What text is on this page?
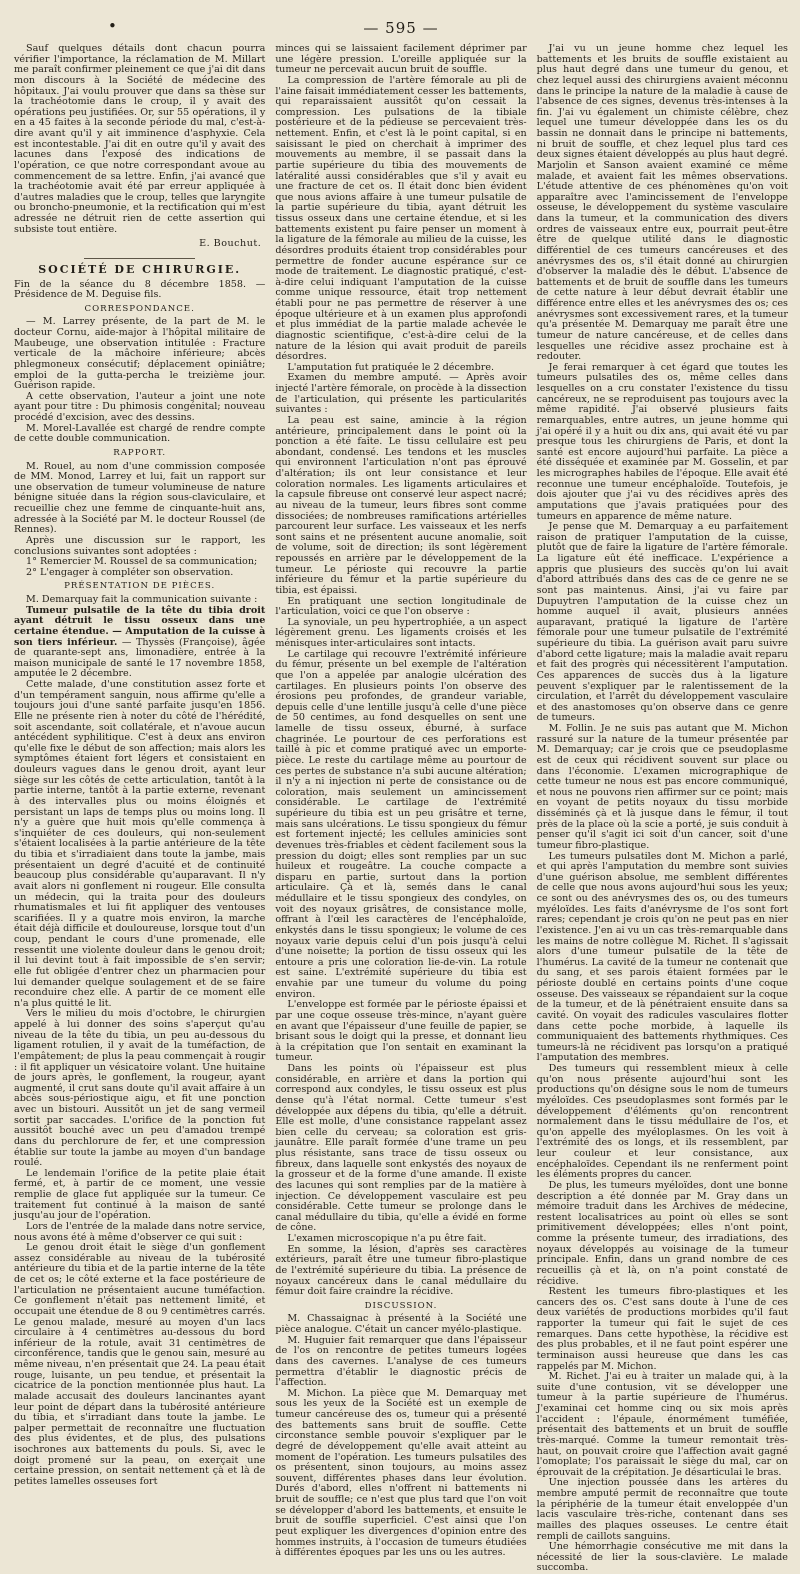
•	— 595 —

Sauf quelques détails dont chacun pourra vérifier l'importance, la réclamation de M. Millart me paraît confirmer pleinement ce que j'ai dit dans mon discours à la Société de médecine des hôpitaux. J'ai voulu prouver que dans sa thèse sur la trachéotomie dans le croup, il y avait des opérations peu justifiées. Or, sur 55 opérations, il y en a 45 faites à la seconde période du mal, c'est-à-dire avant qu'il y ait imminence d'asphyxie. Cela est incontestable. J'ai dit en outre qu'il y avait des lacunes dans l'exposé des indications de l'opération, ce que notre correspondant avoue au commencement de sa lettre. Enfin, j'ai avancé que la trachéotomie avait été par erreur appliquée à d'autres maladies que le croup, telles que laryngite ou broncho-pneumonie, et la rectification qui m'est adressée ne détruit rien de cette assertion qui subsiste tout entière.

E. Bouchut.
SOCIÉTÉ DE CHIRURGIE.

Fin de la séance du 8 décembre 1858. — Présidence de M. Deguise fils.

CORRESPONDANCE.

— M. Larrey présente, de la part de M. le docteur Cornu, aide-major à l'hôpital militaire de Maubeuge, une observation intitulée : Fracture verticale de la mâchoire inférieure; abcès phlegmoneux consécutif; déplacement opiniâtre; emploi de la gutta-percha le treizième jour. Guérison rapide.

A cette observation, l'auteur a joint une note ayant pour titre : Du phimosis congénital; nouveau procédé d'excision, avec des dessins.

M. Morel-Lavallée est chargé de rendre compte de cette double communication.

RAPPORT.

M. Rouel, au nom d'une commission composée de MM. Monod, Larrey et lui, fait un rapport sur une observation de tumeur volumineuse de nature bénigne située dans la région sous-claviculaire, et recueillie chez une femme de cinquante-huit ans, adressée à la Société par M. le docteur Roussel (de Rennes).

Après une discussion sur le rapport, les conclusions suivantes sont adoptées :

1° Remercier M. Roussel de sa communication;

2° L'engager à compléter son observation.

PRÉSENTATION DE PIÈCES.

M. Demarquay fait la communication suivante :

Tumeur pulsatile de la tête du tibia droit ayant détruit le tissu osseux dans une certaine étendue. — Amputation de la cuisse à son tiers inférieur. — Thyssès (Françoise), âgée de quarante-sept ans, limonadière, entrée à la maison municipale de santé le 17 novembre 1858, amputée le 2 décembre.

Cette malade, d'une constitution assez forte et d'un tempérament sanguin, nous affirme qu'elle a toujours joui d'une santé parfaite jusqu'en 1856. Elle ne présente rien à noter du côté de l'hérédité, soit ascendante, soit collatérale, et n'avoue aucun antécédent syphilitique. C'est à deux ans environ qu'elle fixe le début de son affection; mais alors les symptômes étaient fort légers et consistaient en douleurs vagues dans le genou droit, ayant leur siège sur les côtés de cette articulation, tantôt à la partie interne, tantôt à la partie externe, revenant à des intervalles plus ou moins éloignés et persistant un laps de temps plus ou moins long. Il n'y a guère que huit mois qu'elle commença à s'inquiéter de ces douleurs, qui non-seulement s'étaient localisées à la partie antérieure de la tête du tibia et s'irradiaient dans toute la jambe, mais présentaient un degré d'acuité et de continuité beaucoup plus considérable qu'auparavant. Il n'y avait alors ni gonflement ni rougeur. Elle consulta un médecin, qui la traita pour des douleurs rhumatismales et lui fit appliquer des ventouses scarifiées. Il y a quatre mois environ, la marche était déjà difficile et douloureuse, lorsque tout d'un coup, pendant le cours d'une promenade, elle ressentit une violente douleur dans le genou droit; il lui devint tout à fait impossible de s'en servir; elle fut obligée d'entrer chez un pharmacien pour lui demander quelque soulagement et de se faire reconduire chez elle. A partir de ce moment elle n'a plus quitté le lit.

Vers le milieu du mois d'octobre, le chirurgien appelé à lui donner des soins s'aperçut qu'au niveau de la tête du tibia, un peu au-dessous du ligament rotulien, il y avait de la tuméfaction, de l'empâtement; de plus la peau commençait à rougir : il fit appliquer un vésicatoire volant. Une huitaine de jours après, le gonflement, la rougeur, ayant augmenté, il crut sans doute qu'il avait affaire à un abcès sous-périostique aigu, et fit une ponction avec un bistouri. Aussitôt un jet de sang vermeil sortit par saccades. L'orifice de la ponction fut aussitôt bouché avec un peu d'amadou trempé dans du perchlorure de fer, et une compression établie sur toute la jambe au moyen d'un bandage roulé.

Le lendemain l'orifice de la petite plaie était fermé, et, à partir de ce moment, une vessie remplie de glace fut appliquée sur la tumeur. Ce traitement fut continué à la maison de santé jusqu'au jour de l'opération.

Lors de l'entrée de la malade dans notre service, nous avons été à même d'observer ce qui suit :

Le genou droit était le siège d'un gonflement assez considérable au niveau de la tubérosité antérieure du tibia et de la partie interne de la tête de cet os; le côté externe et la face postérieure de l'articulation ne présentaient aucune tuméfaction. Ce gonflement n'était pas nettement limité, et occupait une étendue de 8 ou 9 centimètres carrés. Le genou malade, mesuré au moyen d'un lacs circulaire à 4 centimètres au-dessous du bord inférieur de la rotule, avait 31 centimètres de circonférence, tandis que le genou sain, mesuré au même niveau, n'en présentait que 24. La peau était rouge, luisante, un peu tendue, et présentait la cicatrice de la ponction mentionnée plus haut. La malade accusait des douleurs lancinantes ayant leur point de départ dans la tubérosité antérieure du tibia, et s'irradiant dans toute la jambe. Le palper permettait de reconnaître une fluctuation des plus évidentes, et de plus, des pulsations isochrones aux battements du pouls. Si, avec le doigt promené sur la peau, on exerçait une certaine pression, on sentait nettement çà et là de petites lamelles osseuses fort

minces qui se laissaient facilement déprimer par une légère pression. L'oreille appliquée sur la tumeur ne percevait aucun bruit de souffle.

La compression de l'artère fémorale au pli de l'aine faisait immédiatement cesser les battements, qui reparaissaient aussitôt qu'on cessait la compression. Les pulsations de la tibiale postérieure et de la pédieuse se percevaient très-nettement. Enfin, et c'est là le point capital, si en saisissant le pied on cherchait à imprimer des mouvements au membre, il se passait dans la partie supérieure du tibia des mouvements de latéralité aussi considérables que s'il y avait eu une fracture de cet os. Il était donc bien évident que nous avions affaire à une tumeur pulsatile de la partie supérieure du tibia, ayant détruit les tissus osseux dans une certaine étendue, et si les battements existent pu faire penser un moment à la ligature de la fémorale au milieu de la cuisse, les désordres produits étaient trop considérables pour permettre de fonder aucune espérance sur ce mode de traitement. Le diagnostic pratiqué, c'est-à-dire celui indiquant l'amputation de la cuisse comme unique ressource, était trop nettement établi pour ne pas permettre de réserver à une époque ultérieure et à un examen plus approfondi et plus immédiat de la partie malade achevée le diagnostic scientifique, c'est-à-dire celui de la nature de la lésion qui avait produit de pareils désordres.

L'amputation fut pratiquée le 2 décembre.

Examen du membre amputé. — Après avoir injecté l'artère fémorale, on procède à la dissection de l'articulation, qui présente les particularités suivantes :

La peau est saine, amincie à la région antérieure, principalement dans le point où la ponction a été faite. Le tissu cellulaire est peu abondant, condensé. Les tendons et les muscles qui environnent l'articulation n'ont pas éprouvé d'altération; ils ont leur consistance et leur coloration normales. Les ligaments articulaires et la capsule fibreuse ont conservé leur aspect nacré; au niveau de la tumeur, leurs fibres sont comme dissociées; de nombreuses ramifications artérielles parcourent leur surface. Les vaisseaux et les nerfs sont sains et ne présentent aucune anomalie, soit de volume, soit de direction; ils sont légèrement repoussés en arrière par le développement de la tumeur. Le périoste qui recouvre la partie inférieure du fémur et la partie supérieure du tibia, est épaissi.

En pratiquant une section longitudinale de l'articulation, voici ce que l'on observe :

La synoviale, un peu hypertrophiée, a un aspect légèrement grenu. Les ligaments croisés et les ménisques inter-articulaires sont intacts.

Le cartilage qui recouvre l'extrémité inférieure du fémur, présente un bel exemple de l'altération que l'on a appelée par analogie ulcération des cartilages. En plusieurs points l'on observe des érosions peu profondes, de grandeur variable, depuis celle d'une lentille jusqu'à celle d'une pièce de 50 centimes, au fond desquelles on sent une lamelle de tissu osseux, éburné, à surface chagrinée. Le pourtour de ces perforations est taillé à pic et comme pratiqué avec un emporte-pièce. Le reste du cartilage même au pourtour de ces pertes de substance n'a subi aucune altération; il n'y a ni injection ni perte de consistance ou de coloration, mais seulement un amincissement considérable. Le cartilage de l'extrémité supérieure du tibia est un peu grisâtre et terne, mais sans ulcérations. Le tissu spongieux du fémur est fortement injecté; les cellules aminicies sont devenues très-friables et cèdent facilement sous la pression du doigt; elles sont remplies par un suc huileux et rougeâtre. La couche compacte a disparu en partie, surtout dans la portion articulaire. Çà et là, semés dans le canal médullaire et le tissu spongieux des condyles, on voit des noyaux grisâtres, de consistance molle, offrant à l'œil les caractères de l'encéphaloïde, enkystés dans le tissu spongieux; le volume de ces noyaux varie depuis celui d'un pois jusqu'à celui d'une noisette; la portion de tissu osseux qui les entoure a pris une coloration lie-de-vin. La rotule est saine. L'extrémité supérieure du tibia est envahie par une tumeur du volume du poing environ.

L'enveloppe est formée par le périoste épaissi et par une coque osseuse très-mince, n'ayant guère en avant que l'épaisseur d'une feuille de papier, se brisant sous le doigt qui la presse, et donnant lieu à la crépitation que l'on sentait en examinant la tumeur.

Dans les points où l'épaisseur est plus considérable, en arrière et dans la portion qui correspond aux condyles, le tissu osseux est plus dense qu'à l'état normal. Cette tumeur s'est développée aux dépens du tibia, qu'elle a détruit. Elle est molle, d'une consistance rappelant assez bien celle du cerveau; sa coloration est gris-jaunâtre. Elle paraît formée d'une trame un peu plus résistante, sans trace de tissu osseux ou fibreux, dans laquelle sont enkystés des noyaux de la grosseur et de la forme d'une amande. Il existe des lacunes qui sont remplies par de la matière à injection. Ce développement vasculaire est peu considérable. Cette tumeur se prolonge dans le canal médullaire du tibia, qu'elle a évidé en forme de cône.

L'examen microscopique n'a pu être fait.

En somme, la lésion, d'après ses caractères extérieurs, paraît être une tumeur fibro-plastique de l'extrémité supérieure du tibia. La présence de noyaux cancéreux dans le canal médullaire du fémur doit faire craindre la récidive.

DISCUSSION.

M. Chassaignac à présenté à la Société une pièce analogue. C'était un cancer myélo-plastique.

M. Huguier fait remarquer que dans l'épaisseur de l'os on rencontre de petites tumeurs logées dans des cavernes. L'analyse de ces tumeurs permettra d'établir le diagnostic précis de l'affection.

M. Michon. La pièce que M. Demarquay met sous les yeux de la Société est un exemple de tumeur cancéreuse des os, tumeur qui a présenté des battements sans bruit de souffle. Cette circonstance semble pouvoir s'expliquer par le degré de développement qu'elle avait atteint au moment de l'opération. Les tumeurs pulsatiles des os présentent, sinon toujours, au moins assez souvent, différentes phases dans leur évolution. Durés d'abord, elles n'offrent ni battements ni bruit de souffle; ce n'est que plus tard que l'on voit se développer d'abord les battements, et ensuite le bruit de souffle superficiel. C'est ainsi que l'on peut expliquer les divergences d'opinion entre des hommes instruits, à l'occasion de tumeurs étudiées à différentes époques par les uns ou les autres.

J'ai vu un jeune homme chez lequel les battements et les bruits de souffle existaient au plus haut degré dans une tumeur du genou, et chez lequel aussi des chirurgiens avaient méconnu dans le principe la nature de la maladie à cause de l'absence de ces signes, devenus très-intenses à la fin. J'ai vu également un chimiste célèbre, chez lequel une tumeur développée dans les os du bassin ne donnait dans le principe ni battements, ni bruit de souffle, et chez lequel plus tard ces deux signes étaient développés au plus haut degré. Marjolin et Sanson avaient examiné ce même malade, et avaient fait les mêmes observations. L'étude attentive de ces phénomènes qu'on voit apparaître avec l'amincissement de l'enveloppe osseuse, le développement du système vasculaire dans la tumeur, et la communication des divers ordres de vaisseaux entre eux, pourrait peut-être être de quelque utilité dans le diagnostic différentiel de ces tumeurs cancéreuses et des anévrysmes des os, s'il était donné au chirurgien d'observer la maladie dès le début. L'absence de battements et de bruit de souffle dans les tumeurs de cette nature à leur début devrait établir une différence entre elles et les anévrysmes des os; ces anévrysmes sont excessivement rares, et la tumeur qu'a présentée M. Demarquay me paraît être une tumeur de nature cancéreuse, et de celles dans lesquelles une récidive assez prochaine est à redouter.

Je ferai remarquer à cet égard que toutes les tumeurs pulsatiles des os, même celles dans lesquelles on a cru constater l'existence du tissu cancéreux, ne se reproduisent pas toujours avec la même rapidité. J'ai observé plusieurs faits remarquables, entre autres, un jeune homme qui j'ai opéré il y a huit ou dix ans, qui avait été vu par presque tous les chirurgiens de Paris, et dont la santé est encore aujourd'hui parfaite. La pièce a été disséquée et examinée par M. Gosselin, et par les micrographes habiles de l'époque. Elle avait été reconnue une tumeur encéphaloïde. Toutefois, je dois ajouter que j'ai vu des récidives après des amputations que j'avais pratiquées pour des tumeurs en apparence de même nature.

Je pense que M. Demarquay a eu parfaitement raison de pratiquer l'amputation de la cuisse, plutôt que de faire la ligature de l'artère fémorale. La ligature eût été inefficace. L'expérience a appris que plusieurs des succès qu'on lui avait d'abord attribués dans des cas de ce genre ne se sont pas maintenus. Ainsi, j'ai vu faire par Dupuytren l'amputation de la cuisse chez un homme auquel il avait, plusieurs années auparavant, pratiqué la ligature de l'artère fémorale pour une tumeur pulsatile de l'extrémité supérieure du tibia. La guérison avait paru suivre d'abord cette ligature; mais la maladie avait reparu et fait des progrès qui nécessitèrent l'amputation. Ces apparences de succès dus à la ligature peuvent s'expliquer par le ralentissement de la circulation, et l'arrêt du développement vasculaire et des anastomoses qu'on observe dans ce genre de tumeurs.

M. Follin. Je ne suis pas autant que M. Michon rassuré sur la nature de la tumeur présentée par M. Demarquay; car je crois que ce pseudoplasme est de ceux qui récidivent souvent sur place ou dans l'économie. L'examen micrographique de cette tumeur ne nous est pas encore communiqué, et nous ne pouvons rien affirmer sur ce point; mais en voyant de petits noyaux du tissu morbide disséminés çà et là jusque dans le fémur, il tout près de la place où la scie a porté, je suis conduit à penser qu'il s'agit ici soit d'un cancer, soit d'une tumeur fibro-plastique.

Les tumeurs pulsatiles dont M. Michon a parlé, et qui après l'amputation du membre sont suivies d'une guérison absolue, me semblent différentes de celle que nous avons aujourd'hui sous les yeux; ce sont ou des anévrysmes des os, ou des tumeurs myéloïdes. Les faits d'anévrysme de l'os sont fort rares; cependant je crois qu'on ne peut pas en nier l'existence. J'en ai vu un cas très-remarquable dans les mains de notre collègue M. Richet. Il s'agissait alors d'une tumeur pulsatile de la tête de l'humérus. La cavité de la tumeur ne contenait que du sang, et ses parois étaient formées par le périoste doublé en certains points d'une coque osseuse. Des vaisseaux se répandaient sur la coque de la tumeur, et de là pénétraient ensuite dans sa cavité. On voyait des radicules vasculaires flotter dans cette poche morbide, à laquelle ils communiquaient des battements rhythmiques. Ces tumeurs-là ne récidivent pas lorsqu'on a pratiqué l'amputation des membres.

Des tumeurs qui ressemblent mieux à celle qu'on nous présente aujourd'hui sont les productions qu'on désigne sous le nom de tumeurs myéloïdes. Ces pseudoplasmes sont formés par le développement d'éléments qu'on rencontrent normalement dans le tissu médullaire de l'os, et qu'on appelle des myéloplasmes. On les voit à l'extrémité des os longs, et ils ressemblent, par leur couleur et leur consistance, aux encéphaloïdes. Cependant ils ne renferment point les éléments propres du cancer.

De plus, les tumeurs myéloïdes, dont une bonne description a été donnée par M. Gray dans un mémoire traduit dans les Archives de médecine, restent localisatrices au point où elles se sont primitivement développées; elles n'ont point, comme la présente tumeur, des irradiations, des noyaux développés au voisinage de la tumeur principale. Enfin, dans un grand nombre de ces recueillis çà et là, on n'a point constaté de récidive.

Restent les tumeurs fibro-plastiques et les cancers des os. C'est sans doute à l'une de ces deux variétés de productions morbides qu'il faut rapporter la tumeur qui fait le sujet de ces remarques. Dans cette hypothèse, la récidive est des plus probables, et il ne faut point espérer une terminaison aussi heureuse que dans les cas rappelés par M. Michon.

M. Richet. J'ai eu à traiter un malade qui, à la suite d'une contusion, vit se développer une tumeur à la partie supérieure de l'humérus. J'examinai cet homme cinq ou six mois après l'accident : l'épaule, énormément tuméfiée, présentait des battements et un bruit de souffle très-marqué. Comme la tumeur remontait très-haut, on pouvait croire que l'affection avait gagné l'omoplate; l'os paraissait le siège du mal, car on éprouvait de la crépitation. Je désarticulai le bras.

Une injection poussée dans les artères du membre amputé permit de reconnaître que toute la périphérie de la tumeur était enveloppée d'un lacis vasculaire très-riche, contenant dans ses mailles des plaques osseuses. Le centre était rempli de caillots sanguins.

Une hémorrhagie consécutive me mit dans la nécessité de lier la sous-clavière. Le malade succomba.
